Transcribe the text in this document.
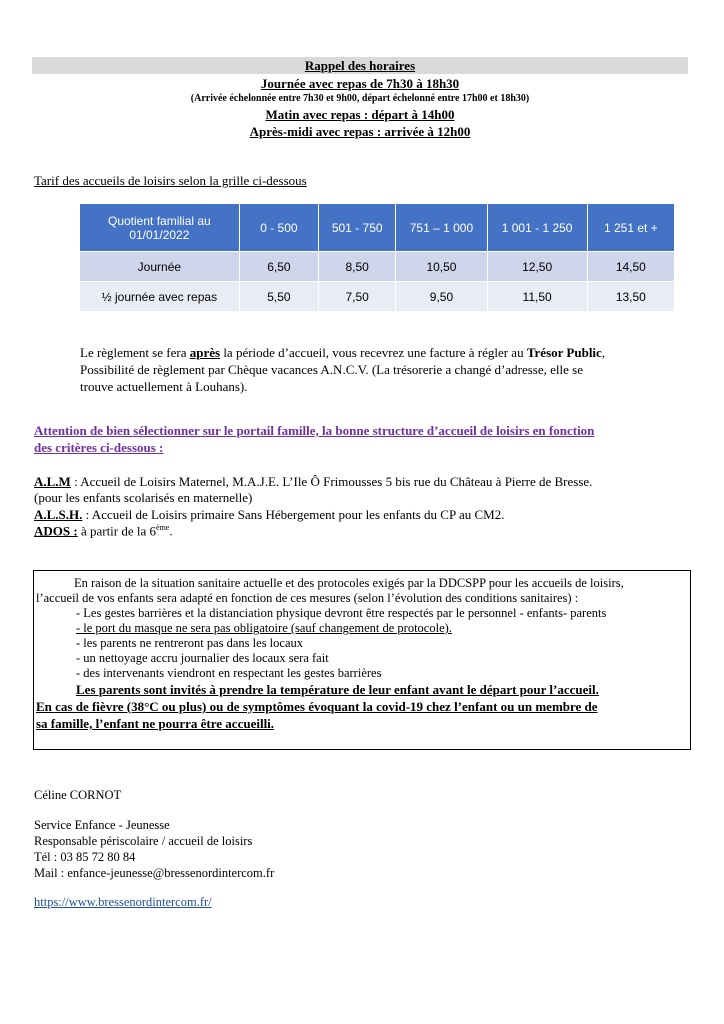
Rappel des horaires
Journée avec repas de 7h30 à 18h30
(Arrivée échelonnée entre 7h30 et 9h00, départ échelonné entre 17h00 et 18h30)
Matin avec repas : départ à 14h00
Après-midi avec repas : arrivée à 12h00
Tarif des accueils de loisirs selon la grille ci-dessous
Quotient familial au 01/01/2022	0 - 500	501 - 750	751 – 1 000	1 001 - 1 250	1 251 et +
Journée	6,50	8,50	10,50	12,50	14,50
½ journée avec repas	5,50	7,50	9,50	11,50	13,50
Le règlement se fera après la période d’accueil, vous recevrez une facture à régler au Trésor Public,
Possibilité de règlement par Chèque vacances A.N.C.V. (La trésorerie a changé d’adresse, elle se
trouve actuellement à Louhans).
Attention de bien sélectionner sur le portail famille, la bonne structure d’accueil de loisirs en fonction
des critères ci-dessous :
A.L.M : Accueil de Loisirs Maternel, M.A.J.E. L’Ile Ô Frimousses 5 bis rue du Château à Pierre de Bresse.
(pour les enfants scolarisés en maternelle)
A.L.S.H. : Accueil de Loisirs primaire Sans Hébergement pour les enfants du CP au CM2.
ADOS : à partir de la 6ème.
En raison de la situation sanitaire actuelle et des protocoles exigés par la DDCSPP pour les accueils de loisirs,
l’accueil de vos enfants sera adapté en fonction de ces mesures (selon l’évolution des conditions sanitaires) :
- Les gestes barrières et la distanciation physique devront être respectés par le personnel - enfants- parents
- le port du masque ne sera pas obligatoire (sauf changement de protocole).
- les parents ne rentreront pas dans les locaux
- un nettoyage accru journalier des locaux sera fait
- des intervenants viendront en respectant les gestes barrières
Les parents sont invités à prendre la température de leur enfant avant le départ pour l’accueil.
En cas de fièvre (38°C ou plus) ou de symptômes évoquant la covid-19 chez l’enfant ou un membre de
sa famille, l’enfant ne pourra être accueilli.
Céline CORNOT
Service Enfance - Jeunesse
Responsable périscolaire / accueil de loisirs
Tél : 03 85 72 80 84
Mail : enfance-jeunesse@bressenordintercom.fr
https://www.bressenordintercom.fr/
